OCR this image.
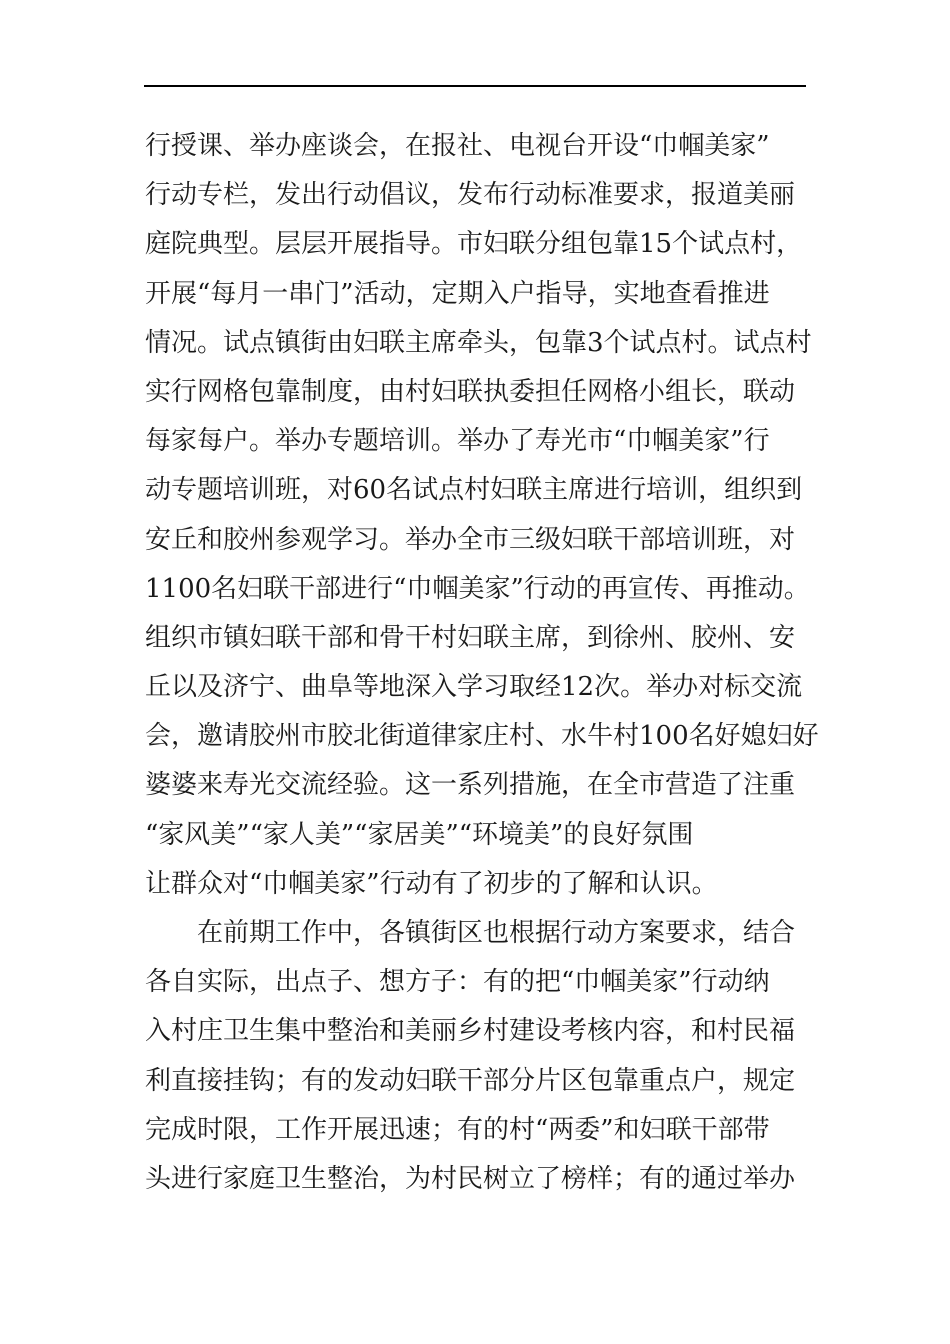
行授课、举办座谈会，在报社、电视台开设“巾帼美家”
行动专栏，发出行动倡议，发布行动标准要求，报道美丽
庭院典型。层层开展指导。市妇联分组包靠15个试点村，
开展“每月一串门”活动，定期入户指导，实地查看推进
情况。试点镇街由妇联主席牵头，包靠3个试点村。试点村
实行网格包靠制度，由村妇联执委担任网格小组长，联动
每家每户。举办专题培训。举办了寿光市“巾帼美家”行
动专题培训班，对60名试点村妇联主席进行培训，组织到
安丘和胶州参观学习。举办全市三级妇联干部培训班，对
1100名妇联干部进行“巾帼美家”行动的再宣传、再推动。
组织市镇妇联干部和骨干村妇联主席，到徐州、胶州、安
丘以及济宁、曲阜等地深入学习取经12次。举办对标交流
会，邀请胶州市胶北街道律家庄村、水牛村100名好媳妇好
婆婆来寿光交流经验。这一系列措施，在全市营造了注重
“家风美”“家人美”“家居美”“环境美”的良好氛围
让群众对“巾帼美家”行动有了初步的了解和认识。
在前期工作中，各镇街区也根据行动方案要求，结合
各自实际，出点子、想方子：有的把“巾帼美家”行动纳
入村庄卫生集中整治和美丽乡村建设考核内容，和村民福
利直接挂钩；有的发动妇联干部分片区包靠重点户，规定
完成时限，工作开展迅速；有的村“两委”和妇联干部带
头进行家庭卫生整治，为村民树立了榜样；有的通过举办
